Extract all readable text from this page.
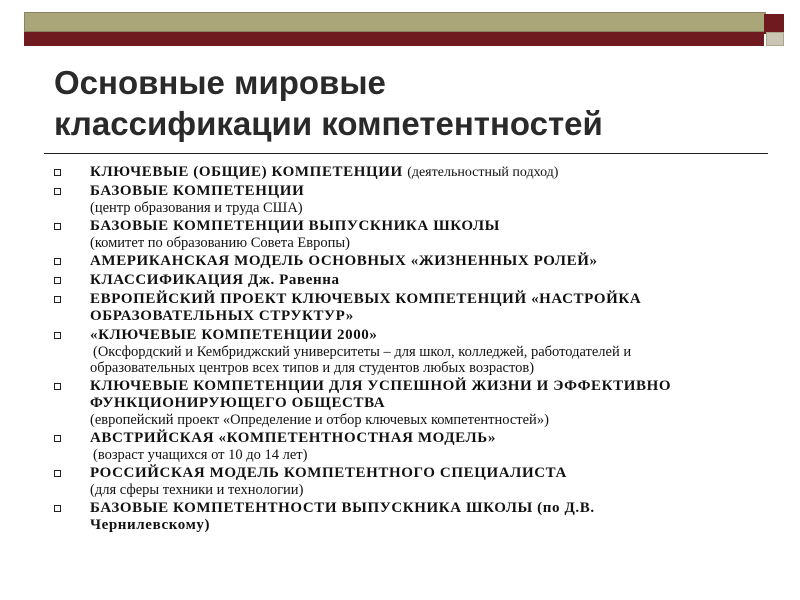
Основные мировые
классификации компетентностей
КЛЮЧЕВЫЕ (ОБЩИЕ) КОМПЕТЕНЦИИ (деятельностный подход)
БАЗОВЫЕ КОМПЕТЕНЦИИ
(центр образования и труда США)
БАЗОВЫЕ КОМПЕТЕНЦИИ ВЫПУСКНИКА ШКОЛЫ
(комитет по образованию Совета Европы)
АМЕРИКАНСКАЯ МОДЕЛЬ ОСНОВНЫХ «ЖИЗНЕННЫХ РОЛЕЙ»
КЛАССИФИКАЦИЯ Дж. Равенна
ЕВРОПЕЙСКИЙ ПРОЕКТ КЛЮЧЕВЫХ КОМПЕТЕНЦИЙ «НАСТРОЙКА
ОБРАЗОВАТЕЛЬНЫХ СТРУКТУР»
«КЛЮЧЕВЫЕ КОМПЕТЕНЦИИ 2000»
(Оксфордский и Кембриджский университеты – для школ, колледжей, работодателей и
образовательных центров всех типов и для студентов любых возрастов)
КЛЮЧЕВЫЕ КОМПЕТЕНЦИИ ДЛЯ УСПЕШНОЙ ЖИЗНИ И ЭФФЕКТИВНО
ФУНКЦИОНИРУЮЩЕГО ОБЩЕСТВА
(европейский проект «Определение и отбор ключевых компетентностей»)
АВСТРИЙСКАЯ «КОМПЕТЕНТНОСТНАЯ МОДЕЛЬ»
(возраст учащихся от 10 до 14 лет)
РОССИЙСКАЯ МОДЕЛЬ КОМПЕТЕНТНОГО СПЕЦИАЛИСТА
(для сферы техники и технологии)
БАЗОВЫЕ КОМПЕТЕНТНОСТИ ВЫПУСКНИКА ШКОЛЫ (по Д.В.
Чернилевскому)
